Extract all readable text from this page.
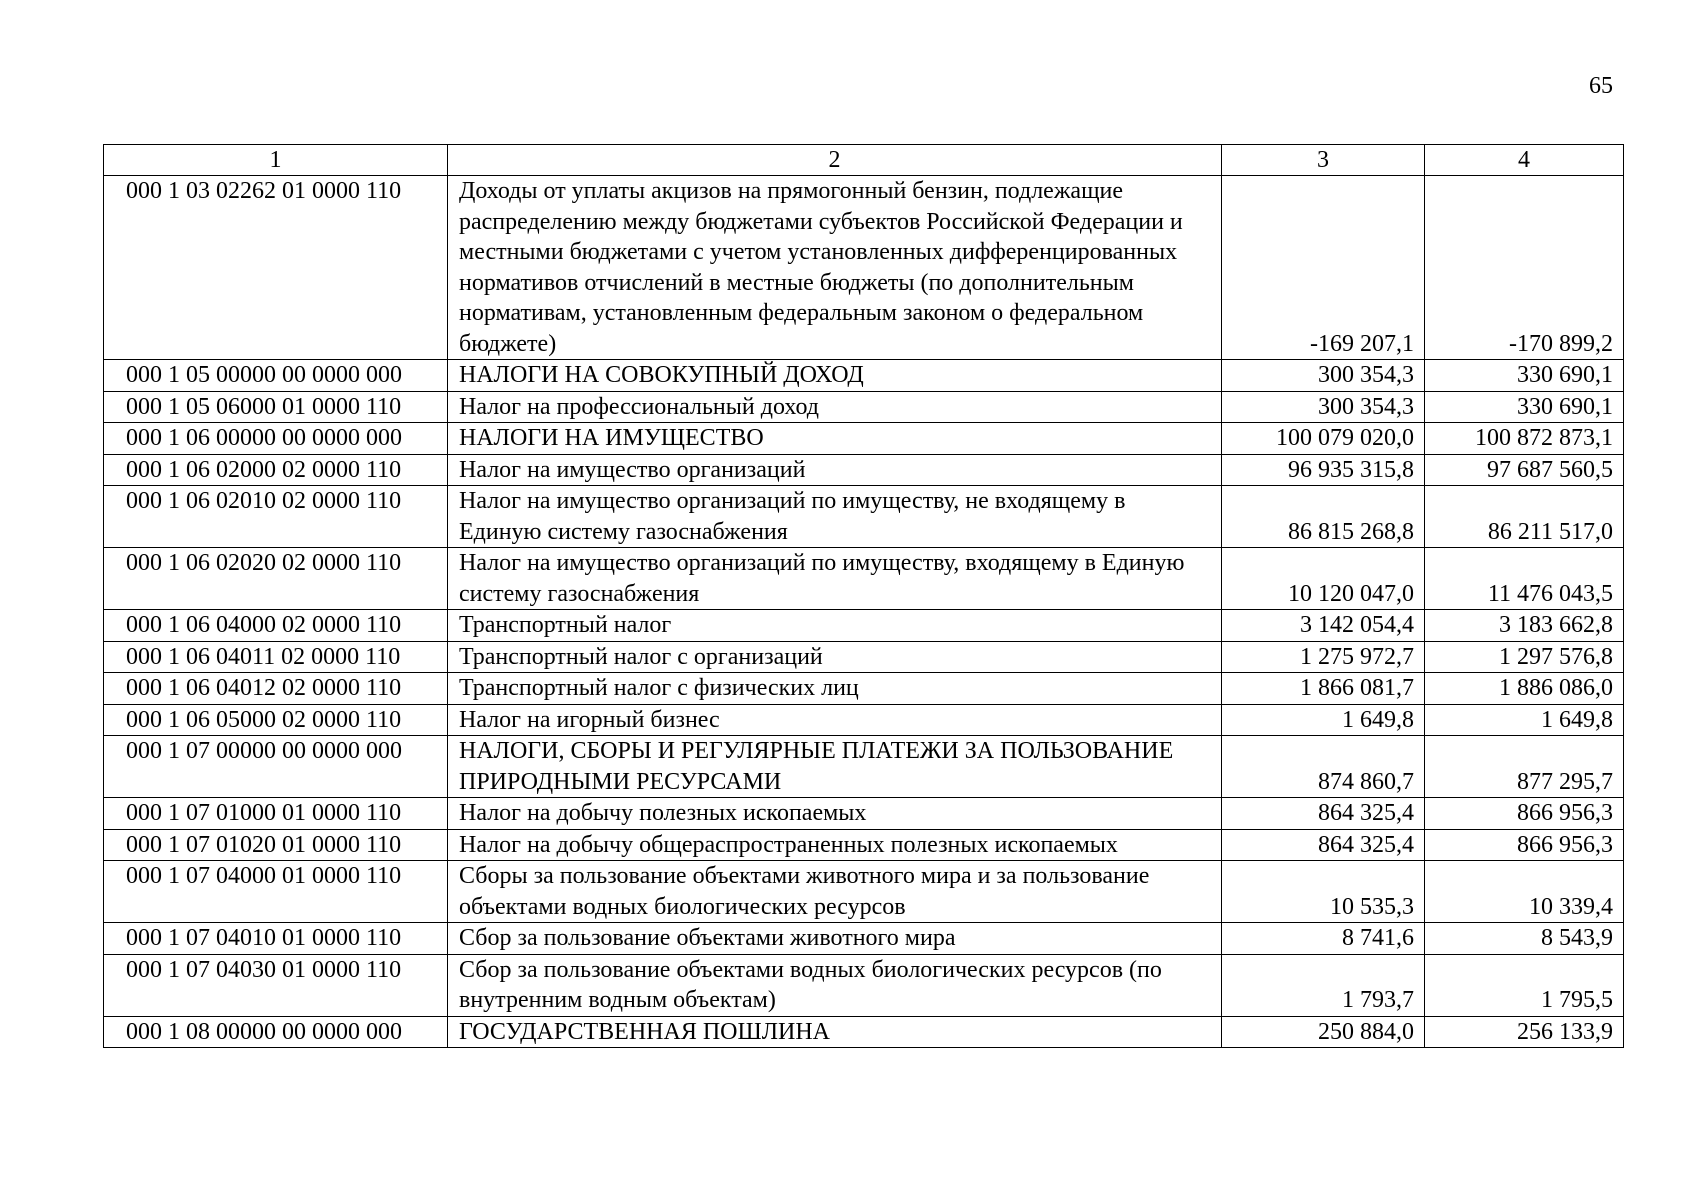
65
1	2	3	4
000 1 03 02262 01 0000 110	Доходы от уплаты акцизов на прямогонный бензин, подлежащие распределению между бюджетами субъектов Российской Федерации и местными бюджетами с учетом установленных дифференцированных нормативов отчислений в местные бюджеты (по дополнительным нормативам, установленным федеральным законом о федеральном бюджете)	-169 207,1	-170 899,2
000 1 05 00000 00 0000 000	НАЛОГИ НА СОВОКУПНЫЙ ДОХОД	300 354,3	330 690,1
000 1 05 06000 01 0000 110	Налог на профессиональный доход	300 354,3	330 690,1
000 1 06 00000 00 0000 000	НАЛОГИ НА ИМУЩЕСТВО	100 079 020,0	100 872 873,1
000 1 06 02000 02 0000 110	Налог на имущество организаций	96 935 315,8	97 687 560,5
000 1 06 02010 02 0000 110	Налог на имущество организаций по имуществу, не входящему в Единую систему газоснабжения	86 815 268,8	86 211 517,0
000 1 06 02020 02 0000 110	Налог на имущество организаций по имуществу, входящему в Единую систему газоснабжения	10 120 047,0	11 476 043,5
000 1 06 04000 02 0000 110	Транспортный налог	3 142 054,4	3 183 662,8
000 1 06 04011 02 0000 110	Транспортный налог с организаций	1 275 972,7	1 297 576,8
000 1 06 04012 02 0000 110	Транспортный налог с физических лиц	1 866 081,7	1 886 086,0
000 1 06 05000 02 0000 110	Налог на игорный бизнес	1 649,8	1 649,8
000 1 07 00000 00 0000 000	НАЛОГИ, СБОРЫ И РЕГУЛЯРНЫЕ ПЛАТЕЖИ ЗА ПОЛЬЗОВАНИЕ ПРИРОДНЫМИ РЕСУРСАМИ	874 860,7	877 295,7
000 1 07 01000 01 0000 110	Налог на добычу полезных ископаемых	864 325,4	866 956,3
000 1 07 01020 01 0000 110	Налог на добычу общераспространенных полезных ископаемых	864 325,4	866 956,3
000 1 07 04000 01 0000 110	Сборы за пользование объектами животного мира и за пользование объектами водных биологических ресурсов	10 535,3	10 339,4
000 1 07 04010 01 0000 110	Сбор за пользование объектами животного мира	8 741,6	8 543,9
000 1 07 04030 01 0000 110	Сбор за пользование объектами водных биологических ресурсов (по внутренним водным объектам)	1 793,7	1 795,5
000 1 08 00000 00 0000 000	ГОСУДАРСТВЕННАЯ ПОШЛИНА	250 884,0	256 133,9
